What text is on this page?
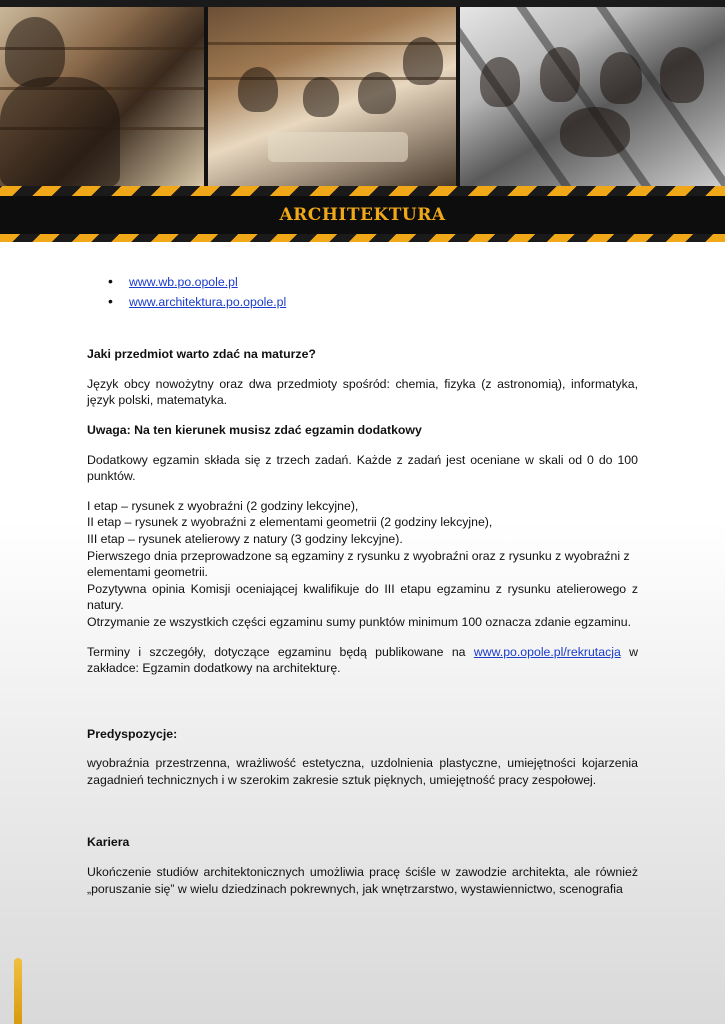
ARCHITEKTURA
• www.wb.po.opole.pl
• www.architektura.po.opole.pl

Jaki przedmiot warto zdać na maturze?

Język obcy nowożytny oraz dwa przedmioty spośród: chemia, fizyka (z astronomią), informatyka, język polski, matematyka.

Uwaga: Na ten kierunek musisz zdać egzamin dodatkowy

Dodatkowy egzamin składa się z trzech zadań. Każde z zadań jest oceniane w skali od 0 do 100 punktów.

I etap – rysunek z wyobraźni (2 godziny lekcyjne),

II etap – rysunek z wyobraźni z elementami geometrii (2 godziny lekcyjne),

III etap – rysunek atelierowy z natury (3 godziny lekcyjne).

Pierwszego dnia przeprowadzone są egzaminy z rysunku z wyobraźni oraz z rysunku z wyobraźni z elementami geometrii.

Pozytywna opinia Komisji oceniającej kwalifikuje do III etapu egzaminu z rysunku atelierowego z natury.

Otrzymanie ze wszystkich części egzaminu sumy punktów minimum 100 oznacza zdanie egzaminu.

Terminy i szczegóły, dotyczące egzaminu będą publikowane na www.po.opole.pl/rekrutacja w zakładce: Egzamin dodatkowy na architekturę.

Predyspozycje:

wyobraźnia przestrzenna, wrażliwość estetyczna, uzdolnienia plastyczne, umiejętności kojarzenia zagadnień technicznych i w szerokim zakresie sztuk pięknych, umiejętność pracy zespołowej.

Kariera

Ukończenie studiów architektonicznych umożliwia pracę ściśle w zawodzie architekta, ale również „poruszanie się” w wielu dziedzinach pokrewnych, jak wnętrzarstwo, wystawiennictwo, scenografia
